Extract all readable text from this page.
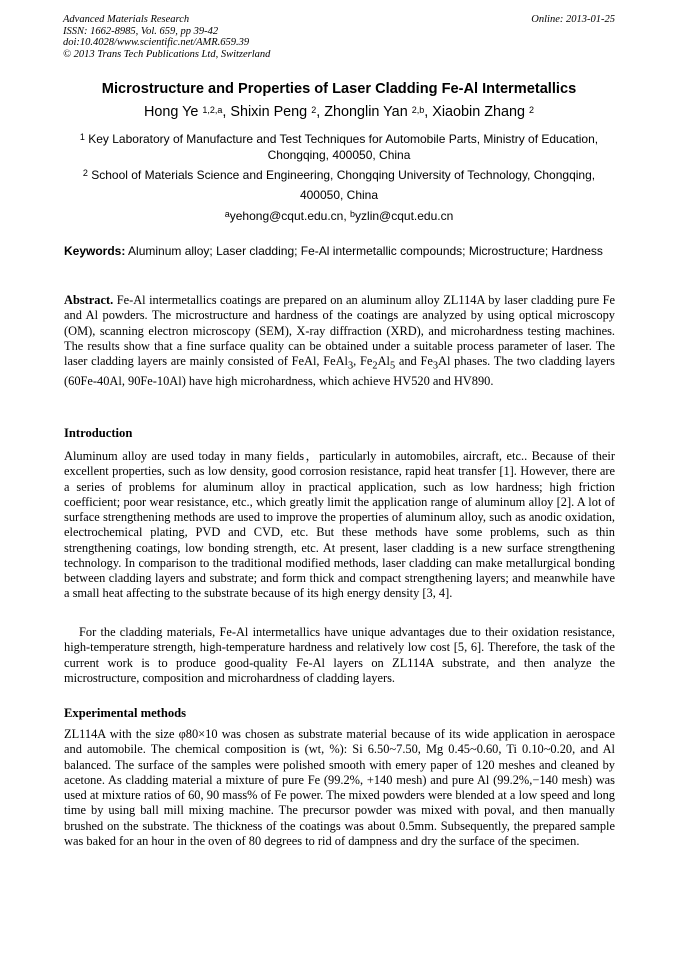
Advanced Materials Research
ISSN: 1662-8985, Vol. 659, pp 39-42
doi:10.4028/www.scientific.net/AMR.659.39
© 2013 Trans Tech Publications Ltd, Switzerland
Online: 2013-01-25
Microstructure and Properties of Laser Cladding Fe-Al Intermetallics
Hong Ye $^{1,2,a}$, Shixin Peng $^2$, Zhonglin Yan $^{2,b}$, Xiaobin Zhang $^2$
$^1$ Key Laboratory of Manufacture and Test Techniques for Automobile Parts, Ministry of Education, Chongqing, 400050, China
$^2$ School of Materials Science and Engineering, Chongqing University of Technology, Chongqing,
400050, China
$^a$yehong@cqut.edu.cn, $^b$yzlin@cqut.edu.cn
Keywords: Aluminum alloy; Laser cladding; Fe-Al intermetallic compounds; Microstructure; Hardness
Abstract. Fe-Al intermetallics coatings are prepared on an aluminum alloy ZL114A by laser cladding pure Fe and Al powders. The microstructure and hardness of the coatings are analyzed by using optical microscopy (OM), scanning electron microscopy (SEM), X-ray diffraction (XRD), and microhardness testing machines. The results show that a fine surface quality can be obtained under a suitable process parameter of laser. The laser cladding layers are mainly consisted of FeAl, FeAl$_3$, $Fe_2Al_5$ and $Fe_3Al$ phases. The two cladding layers (60Fe-40Al, 90Fe-10Al) have high microhardness, which achieve HV520 and HV890.
Introduction
Aluminum alloy are used today in many fields，particularly in automobiles, aircraft, etc.. Because of their excellent properties, such as low density, good corrosion resistance, rapid heat transfer [1]. However, there are a series of problems for aluminum alloy in practical application, such as low hardness; high friction coefficient; poor wear resistance, etc., which greatly limit the application range of aluminum alloy [2]. A lot of surface strengthening methods are used to improve the properties of aluminum alloy, such as anodic oxidation, electrochemical plating, PVD and CVD, etc. But these methods have some problems, such as thin strengthening coatings, low bonding strength, etc. At present, laser cladding is a new surface strengthening technology. In comparison to the traditional modified methods, laser cladding can make metallurgical bonding between cladding layers and substrate; and form thick and compact strengthening layers; and meanwhile have a small heat affecting to the substrate because of its high energy density [3, 4].
For the cladding materials, Fe-Al intermetallics have unique advantages due to their oxidation resistance, high-temperature strength, high-temperature hardness and relatively low cost [5, 6]. Therefore, the task of the current work is to produce good-quality Fe-Al layers on ZL114A substrate, and then analyze the microstructure, composition and microhardness of cladding layers.
Experimental methods
ZL114A with the size φ80×10 was chosen as substrate material because of its wide application in aerospace and automobile. The chemical composition is (wt, %): Si 6.50~7.50, Mg 0.45~0.60, Ti 0.10~0.20, and Al balanced. The surface of the samples were polished smooth with emery paper of 120 meshes and cleaned by acetone. As cladding material a mixture of pure Fe (99.2%, +140 mesh) and pure Al (99.2%,−140 mesh) was used at mixture ratios of 60, 90 mass% of Fe power. The mixed powders were blended at a low speed and long time by using ball mill mixing machine. The precursor powder was mixed with poval, and then manually brushed on the substrate. The thickness of the coatings was about 0.5mm. Subsequently, the prepared sample was baked for an hour in the oven of 80 degrees to rid of dampness and dry the surface of the specimen.
